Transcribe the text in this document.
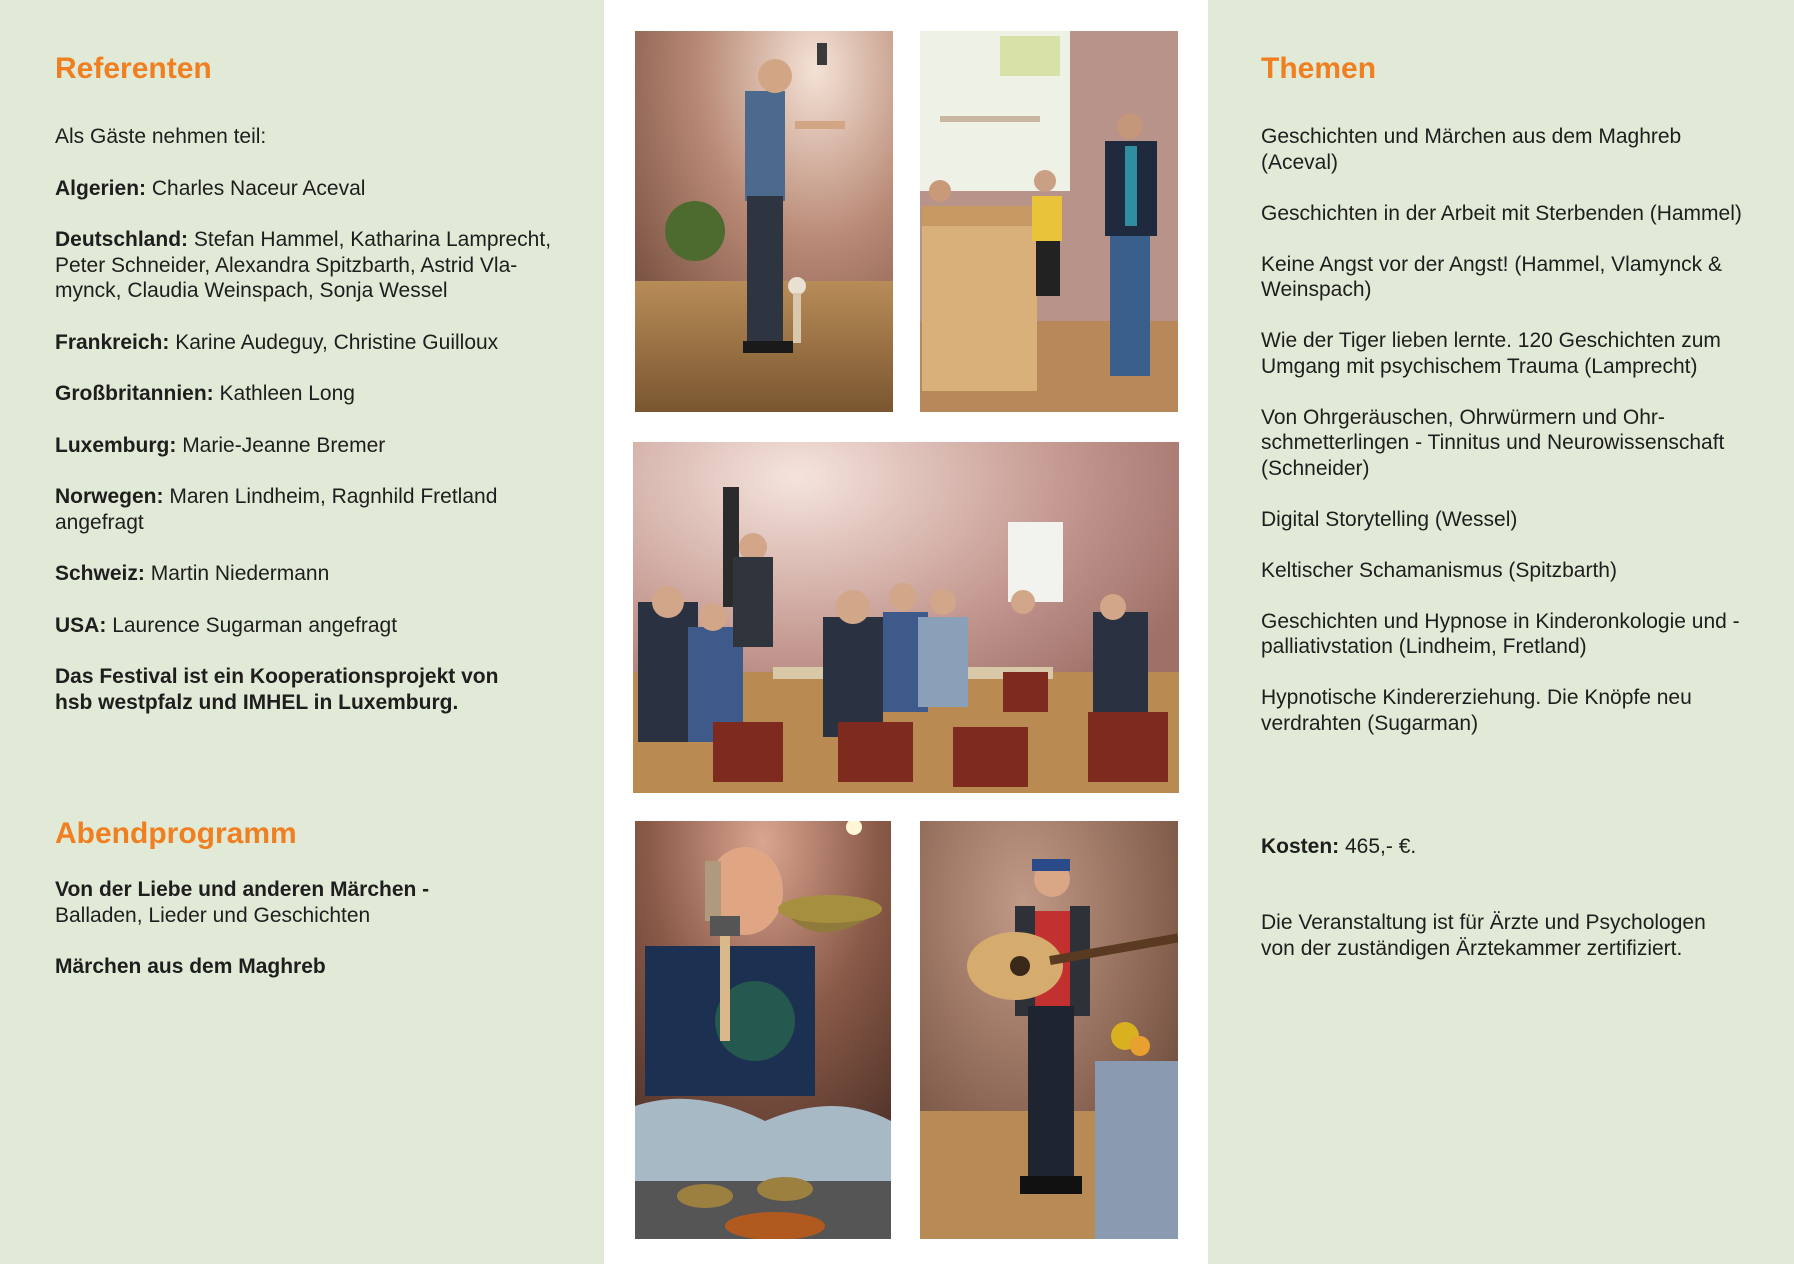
Referenten

Als Gäste nehmen teil:

Algerien: Charles Naceur Aceval

Deutschland: Stefan Hammel, Katharina Lamprecht, Peter Schneider, Alexandra Spitzbarth, Astrid Vla-mynck, Claudia Weinspach, Sonja Wessel

Frankreich: Karine Audeguy, Christine Guilloux

Großbritannien: Kathleen Long

Luxemburg: Marie-Jeanne Bremer

Norwegen: Maren Lindheim, Ragnhild Fretland angefragt

Schweiz: Martin Niedermann

USA: Laurence Sugarman angefragt

Das Festival ist ein Kooperationsprojekt von hsb westpfalz und IMHEL in Luxemburg.

Abendprogramm

Von der Liebe und anderen Märchen -
Balladen, Lieder und Geschichten

Märchen aus dem Maghreb

Themen

Geschichten und Märchen aus dem Maghreb (Aceval)

Geschichten in der Arbeit mit Sterbenden (Hammel)

Keine Angst vor der Angst! (Hammel, Vlamynck & Weinspach)

Wie der Tiger lieben lernte. 120 Geschichten zum Umgang mit psychischem Trauma (Lamprecht)

Von Ohrgeräuschen, Ohrwürmern und Ohr-schmetterlingen - Tinnitus und Neurowissenschaft (Schneider)

Digital Storytelling (Wessel)

Keltischer Schamanismus (Spitzbarth)

Geschichten und Hypnose in Kinderonkologie und -palliativstation (Lindheim, Fretland)

Hypnotische Kindererziehung. Die Knöpfe neu verdrahten (Sugarman)

Kosten: 465,- €.

Die Veranstaltung ist für Ärzte und Psychologen von der zuständigen Ärztekammer zertifiziert.
